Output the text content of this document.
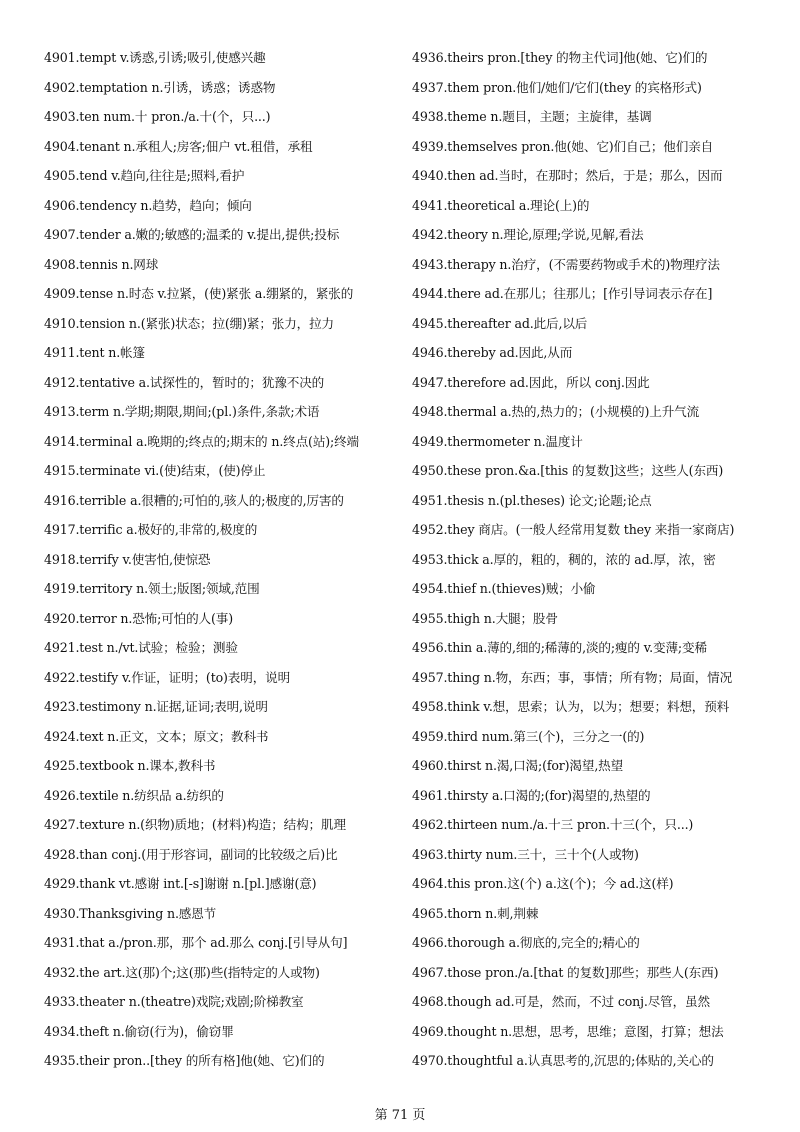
4901.tempt v.诱惑,引诱;吸引,使感兴趣
4902.temptation n.引诱，诱惑；诱惑物
4903.ten num.十 pron./a.十(个，只...)
4904.tenant n.承租人;房客;佃户 vt.租借，承租
4905.tend v.趋向,往往是;照料,看护
4906.tendency n.趋势，趋向；倾向
4907.tender a.嫩的;敏感的;温柔的 v.提出,提供;投标
4908.tennis n.网球
4909.tense n.时态 v.拉紧，(使)紧张 a.绷紧的，紧张的
4910.tension n.(紧张)状态；拉(绷)紧；张力，拉力
4911.tent n.帐篷
4912.tentative a.试探性的，暂时的；犹豫不决的
4913.term n.学期;期限,期间;(pl.)条件,条款;术语
4914.terminal a.晚期的;终点的;期末的 n.终点(站);终端
4915.terminate vi.(使)结束，(使)停止
4916.terrible a.很糟的;可怕的,骇人的;极度的,厉害的
4917.terrific a.极好的,非常的,极度的
4918.terrify v.使害怕,使惊恐
4919.territory n.领土;版图;领域,范围
4920.terror n.恐怖;可怕的人(事)
4921.test n./vt.试验；检验；测验
4922.testify v.作证，证明；(to)表明，说明
4923.testimony n.证据,证词;表明,说明
4924.text n.正文，文本；原文；教科书
4925.textbook n.课本,教科书
4926.textile n.纺织品 a.纺织的
4927.texture n.(织物)质地；(材料)构造；结构；肌理
4928.than conj.(用于形容词，副词的比较级之后)比
4929.thank vt.感谢 int.[-s]谢谢 n.[pl.]感谢(意)
4930.Thanksgiving n.感恩节
4931.that a./pron.那，那个 ad.那么 conj.[引导从句]
4932.the art.这(那)个;这(那)些(指特定的人或物)
4933.theater n.(theatre)戏院;戏剧;阶梯教室
4934.theft n.偷窃(行为)，偷窃罪
4935.their pron..[they 的所有格]他(她、它)们的
4936.theirs pron.[they 的物主代词]他(她、它)们的
4937.them pron.他们/她们/它们(they 的宾格形式)
4938.theme n.题目，主题；主旋律，基调
4939.themselves pron.他(她、它)们自己；他们亲自
4940.then ad.当时，在那时；然后，于是；那么，因而
4941.theoretical a.理论(上)的
4942.theory n.理论,原理;学说,见解,看法
4943.therapy n.治疗，(不需要药物或手术的)物理疗法
4944.there ad.在那儿；往那儿；[作引导词表示存在]
4945.thereafter ad.此后,以后
4946.thereby ad.因此,从而
4947.therefore ad.因此，所以 conj.因此
4948.thermal a.热的,热力的；(小规模的)上升气流
4949.thermometer n.温度计
4950.these pron.&a.[this 的复数]这些；这些人(东西)
4951.thesis n.(pl.theses) 论文;论题;论点
4952.they 商店。(一般人经常用复数 they 来指一家商店)
4953.thick a.厚的，粗的，稠的，浓的 ad.厚，浓，密
4954.thief n.(thieves)贼；小偷
4955.thigh n.大腿；股骨
4956.thin a.薄的,细的;稀薄的,淡的;瘦的 v.变薄;变稀
4957.thing n.物，东西；事，事情；所有物；局面，情况
4958.think v.想，思索；认为，以为；想要；料想，预料
4959.third num.第三(个)，三分之一(的)
4960.thirst n.渴,口渴;(for)渴望,热望
4961.thirsty a.口渴的;(for)渴望的,热望的
4962.thirteen num./a.十三 pron.十三(个，只...)
4963.thirty num.三十，三十个(人或物)
4964.this pron.这(个) a.这(个)；今 ad.这(样)
4965.thorn n.刺,荆棘
4966.thorough a.彻底的,完全的;精心的
4967.those pron./a.[that 的复数]那些；那些人(东西)
4968.though ad.可是，然而，不过 conj.尽管，虽然
4969.thought n.思想，思考，思维；意图，打算；想法
4970.thoughtful a.认真思考的,沉思的;体贴的,关心的
第 71 页
